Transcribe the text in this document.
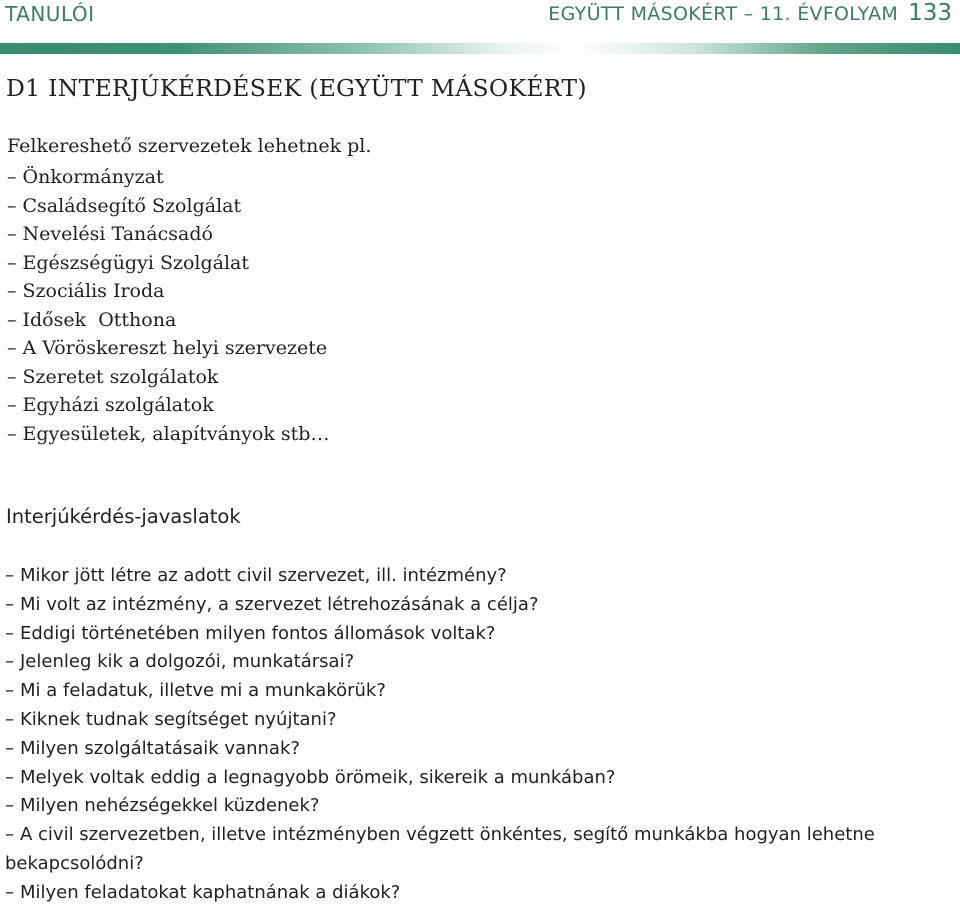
TANULÓI	EGYÜTT MÁSOKÉRT – 11. ÉVFOLYAM 133
D1 INTERJÚKÉRDÉSEK (EGYÜTT MÁSOKÉRT)
Felkereshető szervezetek lehetnek pl.
– Önkormányzat
– Családsegítő Szolgálat
– Nevelési Tanácsadó
– Egészségügyi Szolgálat
– Szociális Iroda
– Idősek  Otthona
– A Vöröskereszt helyi szervezete
– Szeretet szolgálatok
– Egyházi szolgálatok
– Egyesületek, alapítványok stb…
Interjúkérdés-javaslatok
– Mikor jött létre az adott civil szervezet, ill. intézmény?
– Mi volt az intézmény, a szervezet létrehozásának a célja?
– Eddigi történetében milyen fontos állomások voltak?
– Jelenleg kik a dolgozói, munkatársai?
– Mi a feladatuk, illetve mi a munkakörük?
– Kiknek tudnak segítséget nyújtani?
– Milyen szolgáltatásaik vannak?
– Melyek voltak eddig a legnagyobb örömeik, sikereik a munkában?
– Milyen nehézségekkel küzdenek?
– A civil szervezetben, illetve intézményben végzett önkéntes, segítő munkákba hogyan lehetne bekapcsolódni?
– Milyen feladatokat kaphatnának a diákok?
